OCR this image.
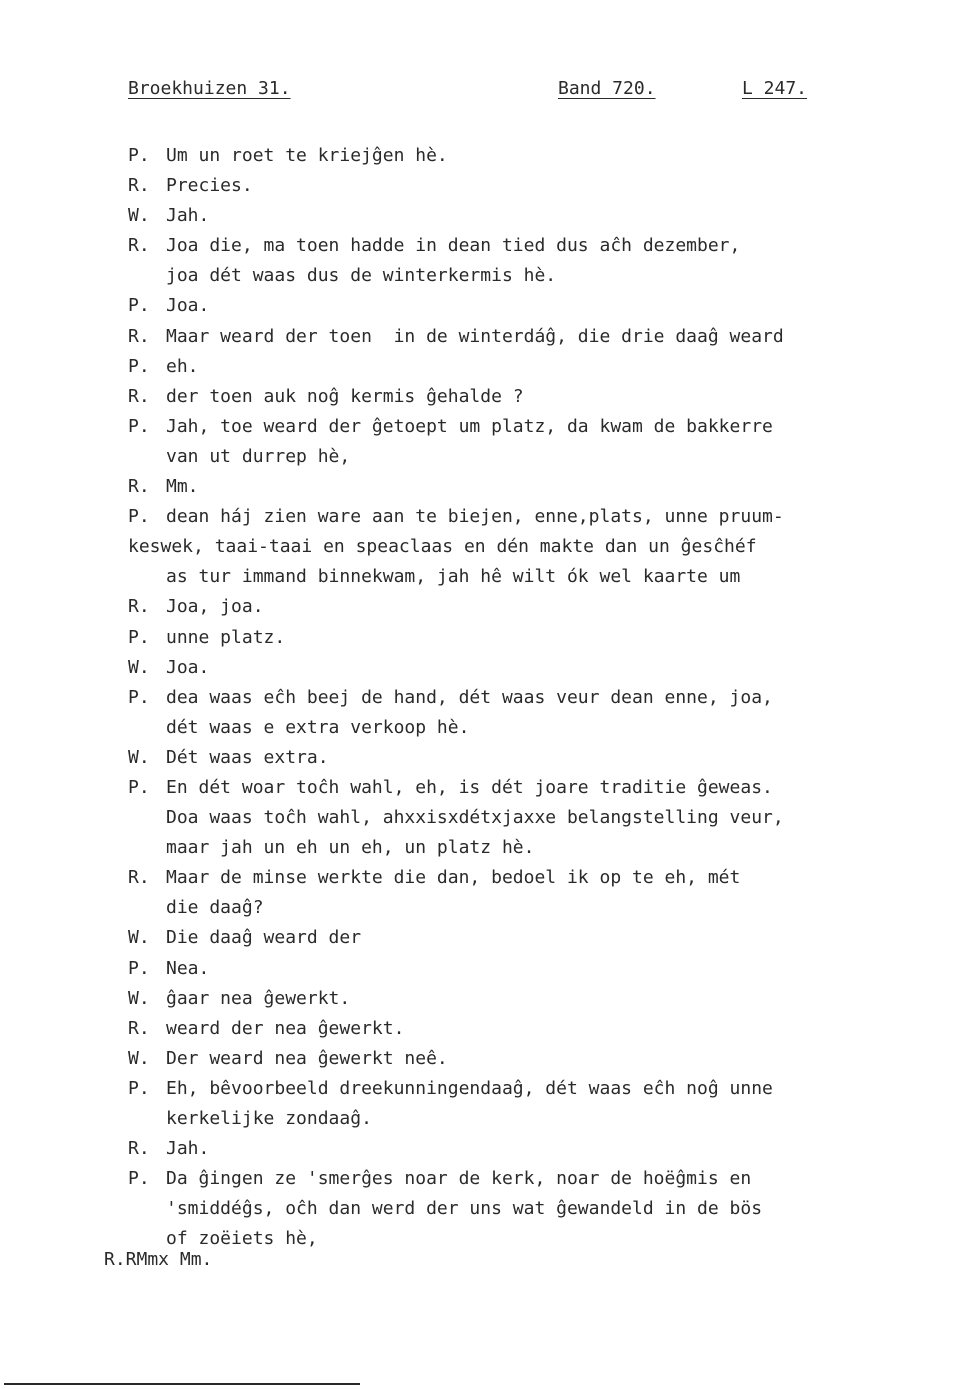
Broekhuizen 31.	Band 720.	L 247.
P. Um un roet te kriejĝen hè.
R. Precies.
W. Jah.
R. Joa die, ma toen hadde in dean tied dus aĉh dezember,
joa dét waas dus de winterkermis hè.
P. Joa.
R. Maar weard der toen  in de winterdáĝ, die drie daaĝ weard
P. eh.
R. der toen auk noĝ kermis ĝehalde ?
P. Jah, toe weard der ĝetoept um platz, da kwam de bakkerre
van ut durrep hè,
R. Mm.
P. dean háj zien ware aan te biejen, enne,plats, unne pruum-
keswek, taai-taai en speaclaas en dén makte dan un ĝesĉhéf
as tur immand binnekwam, jah hê wilt ók wel kaarte um
R. Joa, joa.
P. unne platz.
W. Joa.
P. dea waas eĉh beej de hand, dét waas veur dean enne, joa,
dét waas e extra verkoop hè.
W. Dét waas extra.
P. En dét woar toĉh wahl, eh, is dét joare traditie ĝeweas.
Doa waas toĉh wahl, ahxxisxdétxjaxxe belangstelling veur,
maar jah un eh un eh, un platz hè.
R. Maar de minse werkte die dan, bedoel ik op te eh, mét
die daaĝ?
W. Die daaĝ weard der
P. Nea.
W. ĝaar nea ĝewerkt.
R. weard der nea ĝewerkt.
W. Der weard nea ĝewerkt neê.
P. Eh, bêvoorbeeld dreekunningendaaĝ, dét waas eĉh noĝ unne
kerkelijke zondaaĝ.
R. Jah.
P. Da ĝingen ze 'smerĝes noar de kerk, noar de hoëĝmis en
'smiddéĝs, oĉh dan werd der uns wat ĝewandeld in de bös
of zoëiets hè,
R.RMmx Mm.
